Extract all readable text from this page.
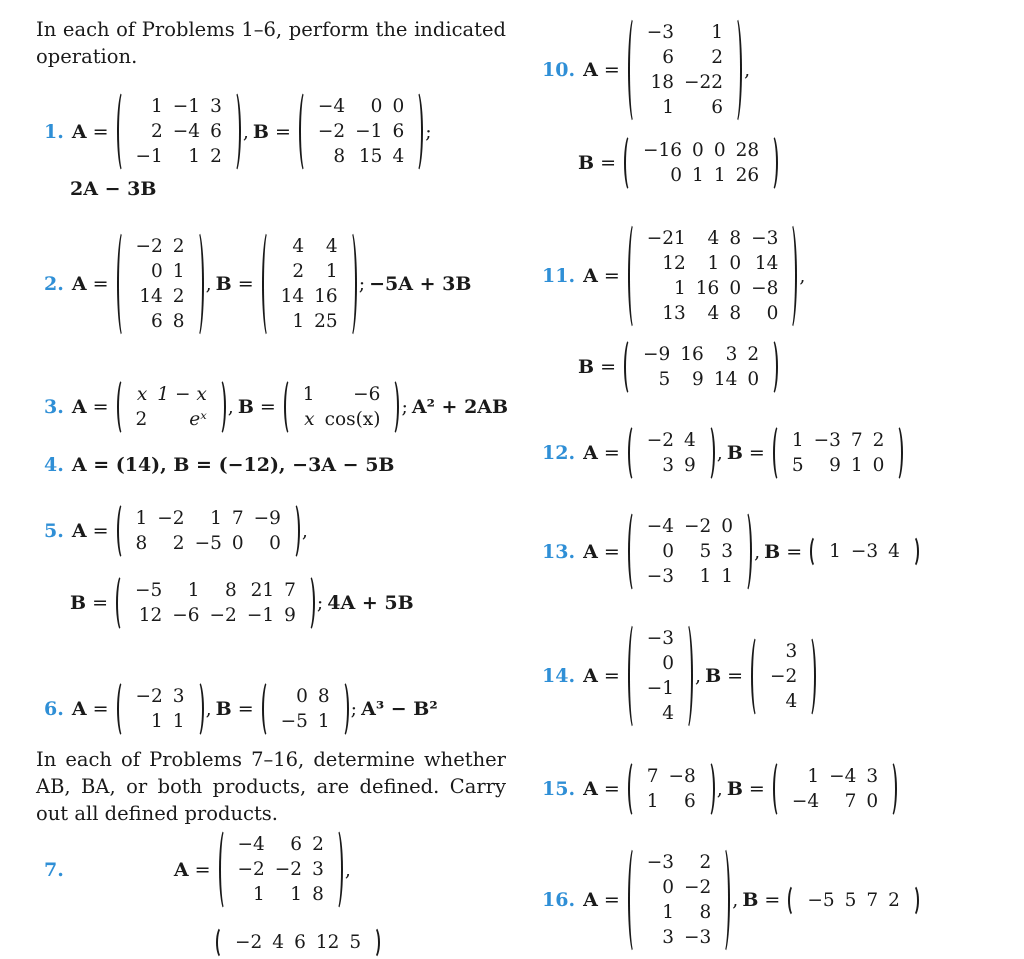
In each of Problems 1–6, perform the indicated operation.
1. A =
1	−1	3
2	−4	6
−1	1	2
, B =
−4	0	0
−2	−1	6
8	15	4
;
2A − 3B
2. A =
−2	2
0	1
14	2
6	8
, B =
4	4
2	1
14	16
1	25
; −5A + 3B
3. A =
x	1 − x
2	eˣ
, B =
1	−6
x	cos(x)
; A² + 2AB
4. A = (14), B = (−12), −3A − 5B
5. A =
1	−2	1	7	−9
8	2	−5	0	0
,
B =
−5	1	8	21	7
12	−6	−2	−1	9
; 4A + 5B
6. A =
−2	3
1	1
, B =
0	8
−5	1
; A³ − B²
In each of Problems 7–16, determine whether AB, BA, or both products, are defined. Carry out all defined products.
7.	A =
−4	6	2
−2	−2	3
1	1	8
,
−2	4	6	12	5
10. A =
−3	1
6	2
18	−22
1	6
,
B =
−16	0	0	28
0	1	1	26
11. A =
−21	4	8	−3
12	1	0	14
1	16	0	−8
13	4	8	0
,
B =
−9	16	3	2
5	9	14	0
12. A =
−2	4
3	9
, B =
1	−3	7	2
5	9	1	0
13. A =
−4	−2	0
0	5	3
−3	1	1
, B = 1	−3	4
14. A =
−3
0
−1
4
, B =
3
−2
4
15. A =
7	−8
1	6
, B =
1	−4	3
−4	7	0
16. A =
−3	2
0	−2
1	8
3	−3
, B = −5	5	7	2
